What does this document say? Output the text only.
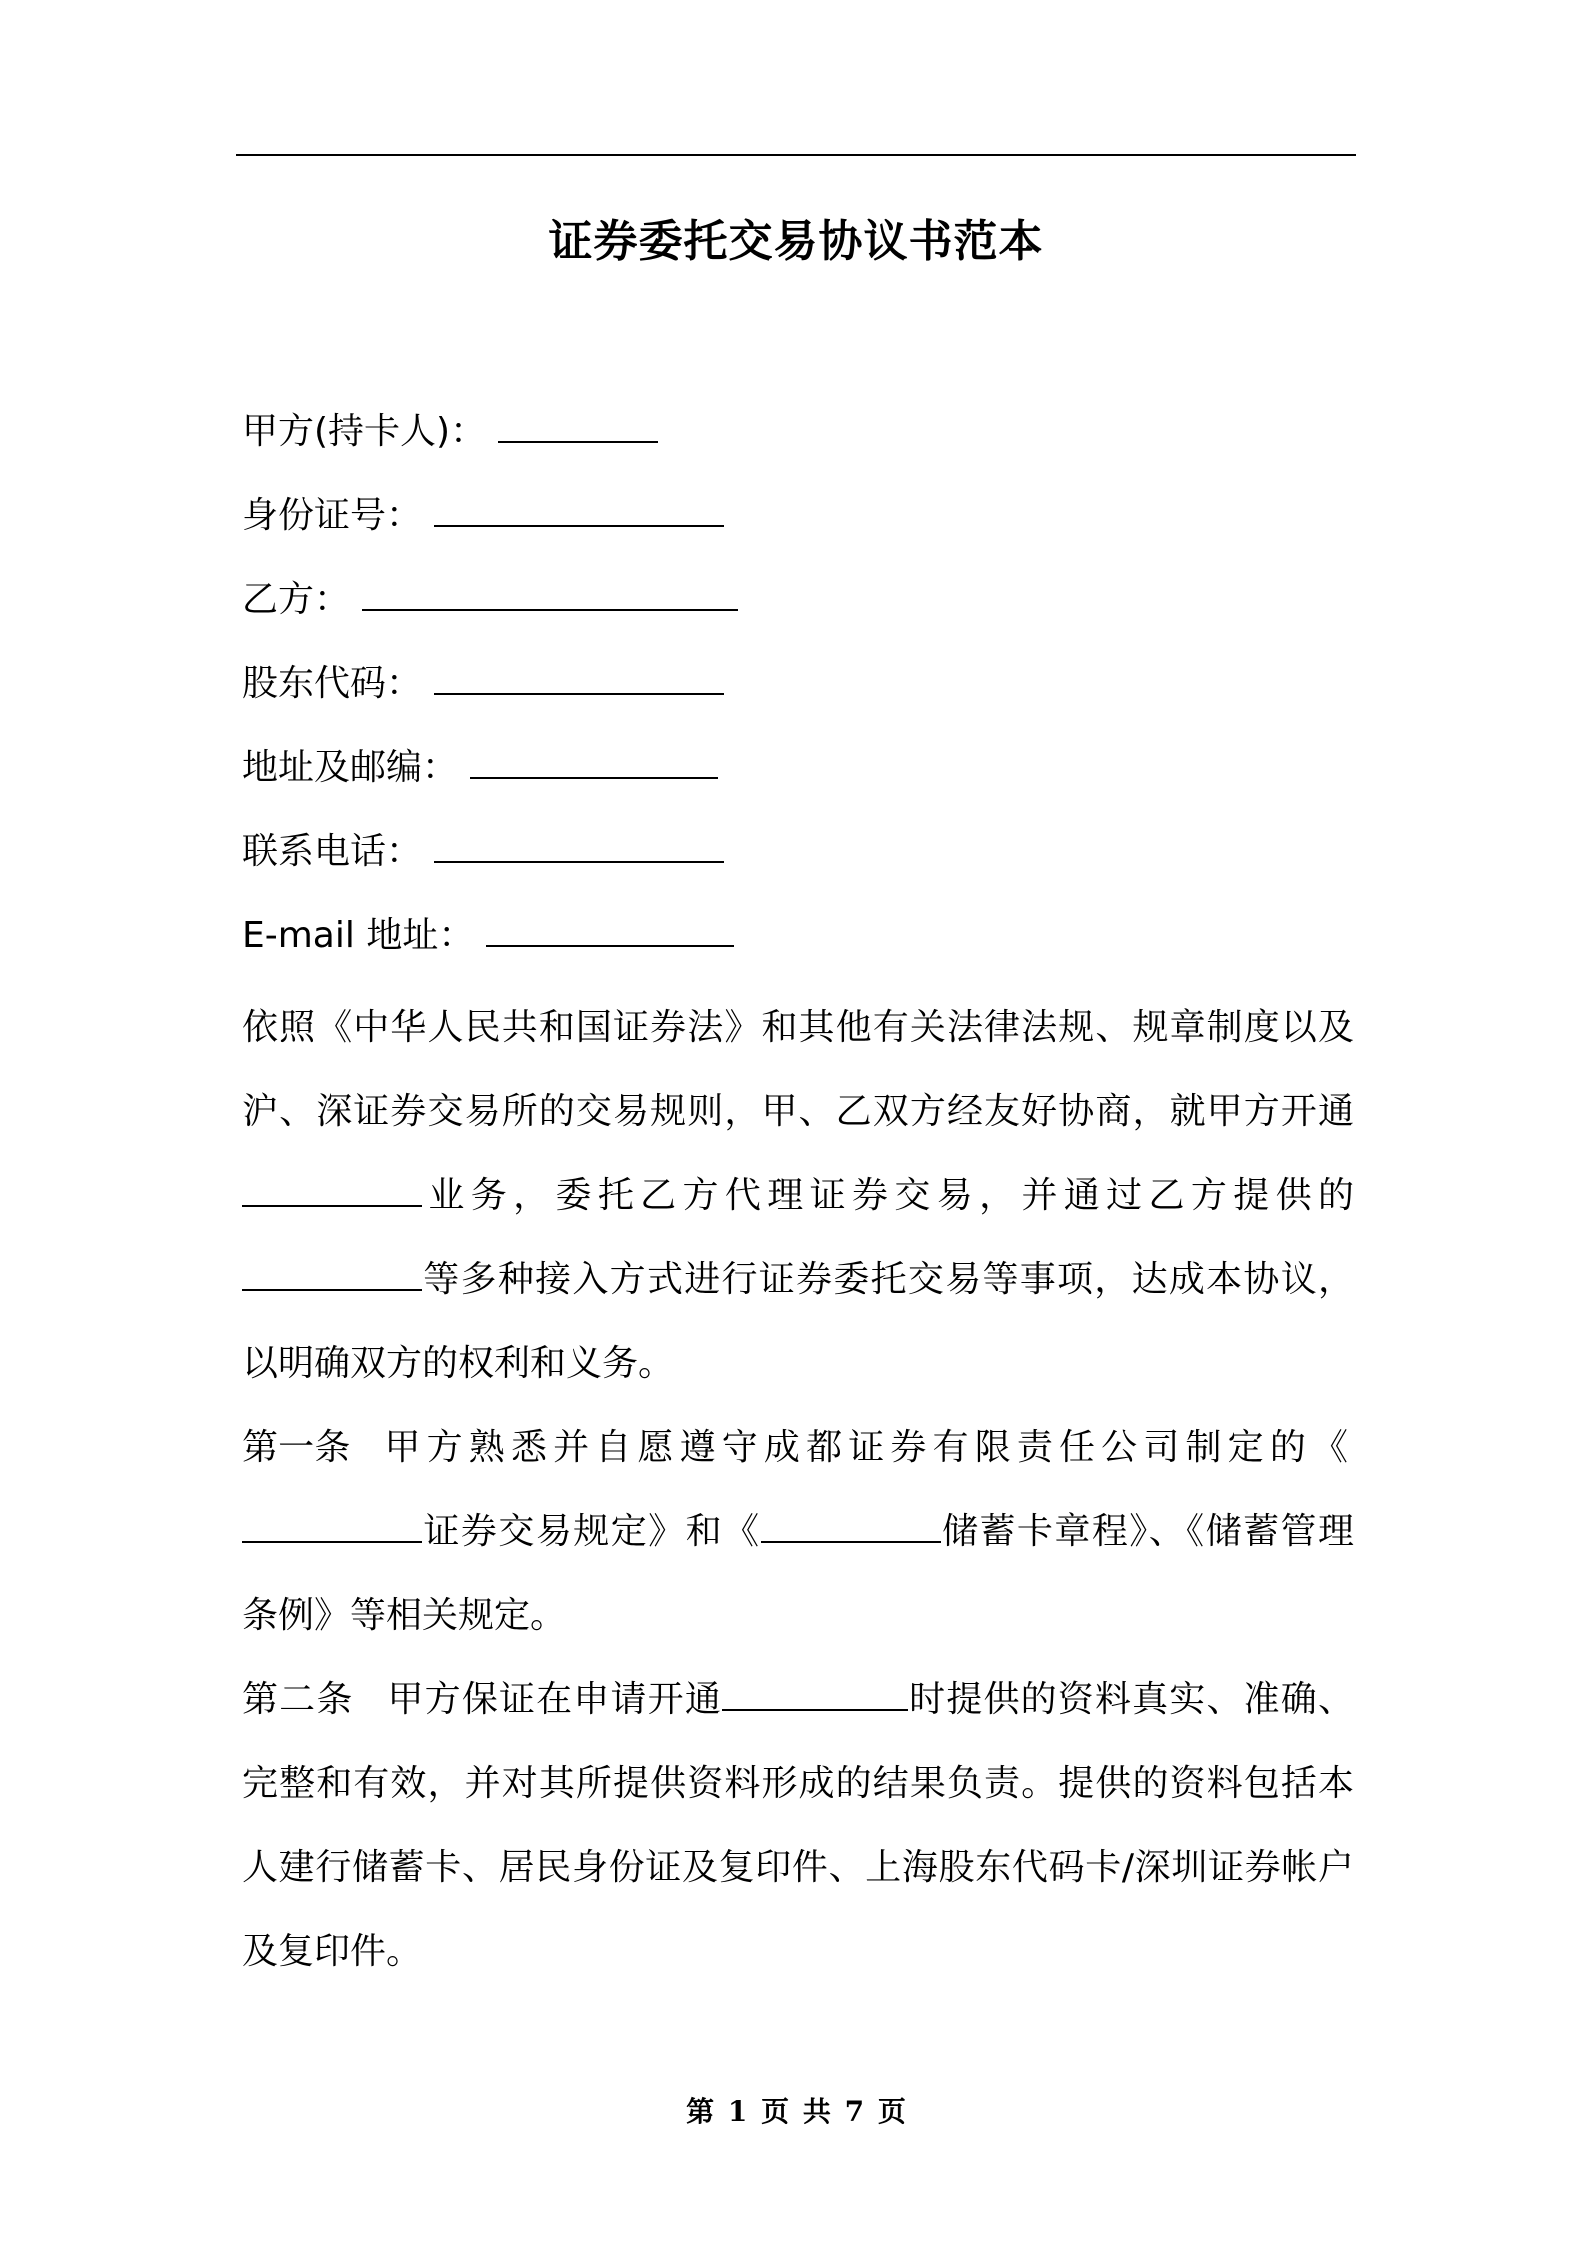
证券委托交易协议书范本
甲方(持卡人)：
身份证号：
乙方：
股东代码：
地址及邮编：
联系电话：
E-mail 地址：

依照《中华人民共和国证券法》和其他有关法律法规、规章制度以及沪、深证券交易所的交易规则，甲、乙双方经友好协商，就甲方开通业务，委托乙方代理证券交易，并通过乙方提供的等多种接入方式进行证券委托交易等事项，达成本协议，以明确双方的权利和义务。

第一条 甲方熟悉并自愿遵守成都证券有限责任公司制定的《证券交易规定》和《	储蓄卡章程》、《储蓄管理条例》等相关规定。

第二条 甲方保证在申请开通	时提供的资料真实、准确、完整和有效，并对其所提供资料形成的结果负责。提供的资料包括本人建行储蓄卡、居民身份证及复印件、上海股东代码卡/深圳证券帐户及复印件。

第 1 页 共 7 页
